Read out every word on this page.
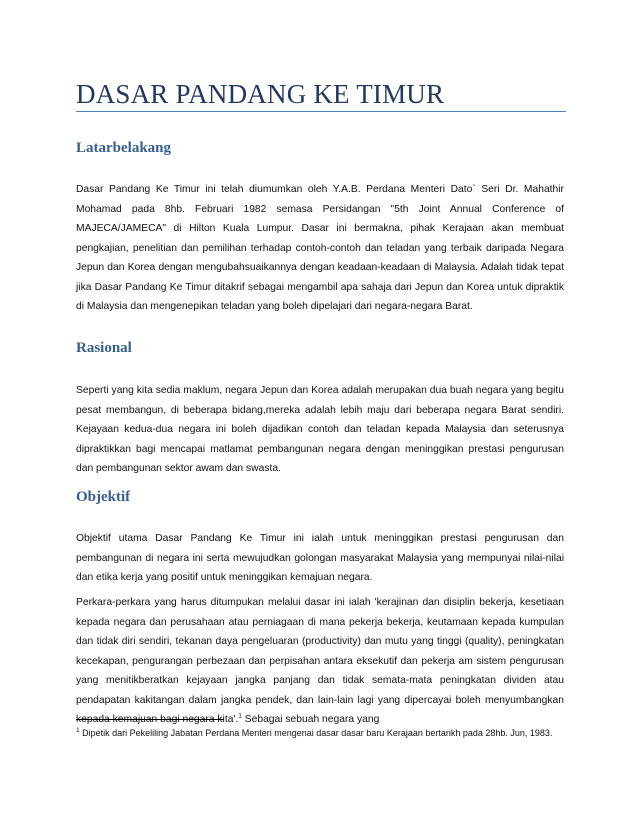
DASAR PANDANG KE TIMUR
Latarbelakang

Dasar Pandang Ke Timur ini telah diumumkan oleh Y.A.B. Perdana Menteri Dato` Seri Dr. Mahathir Mohamad pada 8hb. Februari 1982 semasa Persidangan "5th Joint Annual Conference of MAJECA/JAMECA" di Hilton Kuala Lumpur. Dasar ini bermakna, pihak Kerajaan akan membuat pengkajian, penelitian dan pemilihan terhadap contoh-contoh dan teladan yang terbaik daripada Negara Jepun dan Korea dengan mengubahsuaikannya dengan keadaan-keadaan di Malaysia. Adalah tidak tepat jika Dasar Pandang Ke Timur ditakrif sebagai mengambil apa sahaja dari Jepun dan Korea untuk dipraktik di Malaysia dan mengenepikan teladan yang boleh dipelajari dari negara-negara Barat.

Rasional

Seperti yang kita sedia maklum, negara Jepun dan Korea adalah merupakan dua buah negara yang begitu pesat membangun, di beberapa bidang,mereka adalah lebih maju dari beberapa negara Barat sendiri. Kejayaan kedua-dua negara ini boleh dijadikan contoh dan teladan kepada Malaysia dan seterusnya dipraktikkan bagi mencapai matlamat pembangunan negara dengan meninggikan prestasi pengurusan dan pembangunan sektor awam dan swasta.

Objektif

Objektif utama Dasar Pandang Ke Timur ini ialah untuk meninggikan prestasi pengurusan dan pembangunan di negara ini serta mewujudkan golongan masyarakat Malaysia yang mempunyai nilai-nilai dan etika kerja yang positif untuk meninggikan kemajuan negara.

Perkara-perkara yang harus ditumpukan melalui dasar ini ialah 'kerajinan dan disiplin bekerja, kesetiaan kepada negara dan perusahaan atau perniagaan di mana pekerja bekerja, keutamaan kepada kumpulan dan tidak diri sendiri, tekanan daya pengeluaran (productivity) dan mutu yang tinggi (quality), peningkatan kecekapan, pengurangan perbezaan dan perpisahan antara eksekutif dan pekerja am sistem pengurusan yang menitikberatkan kejayaan jangka panjang dan tidak semata-mata peningkatan dividen atau pendapatan kakitangan dalam jangka pendek, dan lain-lain lagi yang dipercayai boleh menyumbangkan kepada kemajuan bagi negara kita'.$^1$ Sebagai sebuah negara yang

$^1$ Dipetik dari Pekeliling Jabatan Perdana Menteri mengenai dasar dasar baru Kerajaan bertarikh pada 28hb. Jun, 1983.
